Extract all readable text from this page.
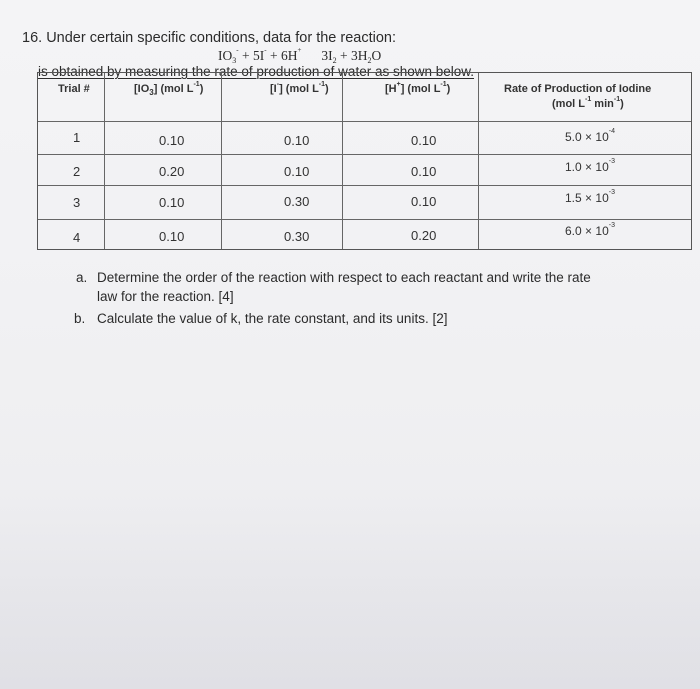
16. Under certain specific conditions, data for the reaction:
$IO_3^- + 5I^- + 6H^+$ $3I_2 + 3H_2O$
is obtained by measuring the rate of production of water as shown below.
Trial #	$[IO_3]$ (mol $L^{-1}$)	[I-] (mol $L^{-1}$)	[H+] (mol $L^{-1}$)	Rate of Production of Iodine
(mol $L^{-1}$ $\min^{-1}$)
1	0.10	0.10	0.10	$5.0 \times 10^{-4}$
2	0.20	0.10	0.10	$1.0 \times 10^{-3}$
3	0.10	0.30	0.10	$1.5 \times 10^{-3}$
4	0.10	0.30	0.20	$6.0 \times 10^{-3}$
a. Determine the order of the reaction with respect to each reactant and write the rate
law for the reaction. [4]
b. Calculate the value of k, the rate constant, and its units. [2]
